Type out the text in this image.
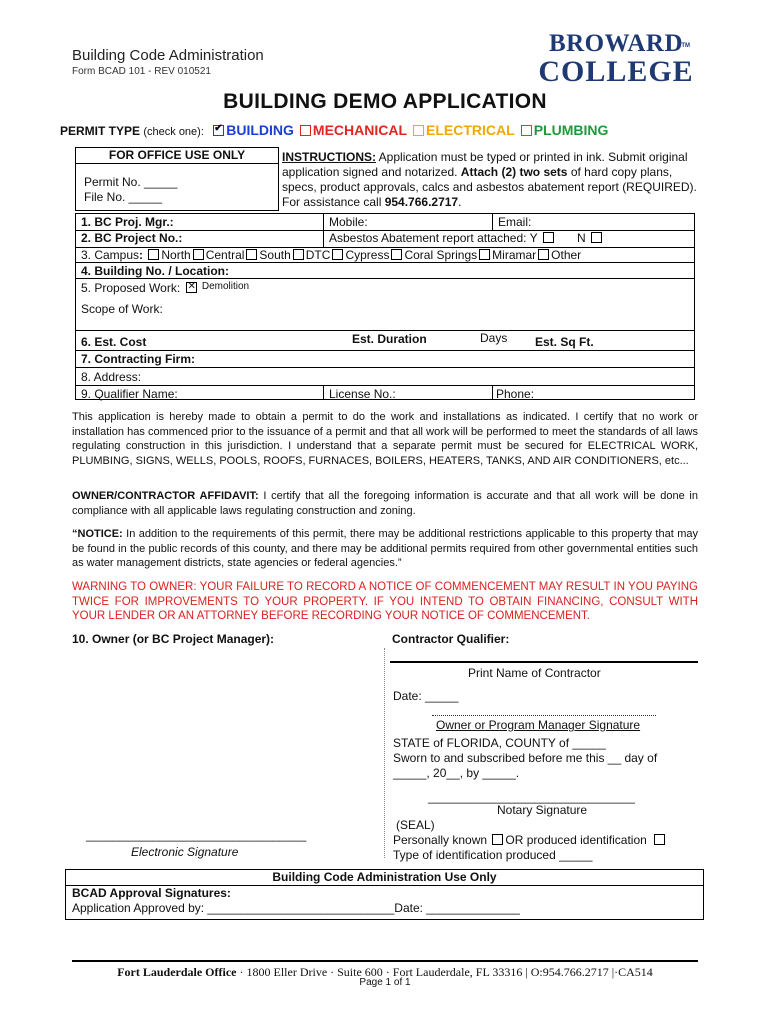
Building Code Administration
Form BCAD 101 - REV 010521
BROWARD
COLLEGE
TM
BUILDING DEMO APPLICATION
PERMIT TYPE (check one): ✔ BUILDING MECHANICAL ELECTRICAL PLUMBING
FOR OFFICE USE ONLY
Permit No. _____
File No. _____
INSTRUCTIONS: Application must be typed or printed in ink. Submit original application signed and notarized. Attach (2) two sets of hard copy plans, specs, product approvals, calcs and asbestos abatement report (REQUIRED). For assistance call 954.766.2717.
1. BC Proj. Mgr.:	Mobile:	Email:
2. BC Project No.:	Asbestos Abatement report attached: Y	N
3. Campus: North Central South DTC Cypress Coral Springs Miramar Other
4. Building No. / Location:
5. Proposed Work: ✕ $^{Demolition}$
Scope of Work:
6. Est. Cost	Est. Duration	Days Est. Sq Ft.
7. Contracting Firm:
8. Address:
9. Qualifier Name:	License No.:	Phone:
This application is hereby made to obtain a permit to do the work and installations as indicated. I certify that no work or installation has commenced prior to the issuance of a permit and that all work will be performed to meet the standards of all laws regulating construction in this jurisdiction. I understand that a separate permit must be secured for ELECTRICAL WORK, PLUMBING, SIGNS, WELLS, POOLS, ROOFS, FURNACES, BOILERS, HEATERS, TANKS, AND AIR CONDITIONERS, etc...
OWNER/CONTRACTOR AFFIDAVIT: I certify that all the foregoing information is accurate and that all work will be done in compliance with all applicable laws regulating construction and zoning.
“NOTICE: In addition to the requirements of this permit, there may be additional restrictions applicable to this property that may be found in the public records of this county, and there may be additional permits required from other governmental entities such as water management districts, state agencies or federal agencies.”
WARNING TO OWNER: YOUR FAILURE TO RECORD A NOTICE OF COMMENCEMENT MAY RESULT IN YOU PAYING TWICE FOR IMPROVEMENTS TO YOUR PROPERTY. IF YOU INTEND TO OBTAIN FINANCING, CONSULT WITH YOUR LENDER OR AN ATTORNEY BEFORE RECORDING YOUR NOTICE OF COMMENCEMENT.
10. Owner (or BC Project Manager):	Contractor Qualifier:
Print Name of Contractor
Date: _____
Owner or Program Manager Signature
STATE of FLORIDA, COUNTY of _____
Sworn to and subscribed before me this __ day of
_____, 20__, by _____.
_______________________________
Notary Signature
(SEAL)
Personally known OR produced identification
Type of identification produced _____
_________________________________
Electronic Signature
Building Code Administration Use Only
BCAD Approval Signatures:
Application Approved by: ____________________________Date: ______________
Fort Lauderdale Office · 1800 Eller Drive · Suite 600 · Fort Lauderdale, FL 33316 | O:954.766.2717 |·CA514
Page 1 of 1
